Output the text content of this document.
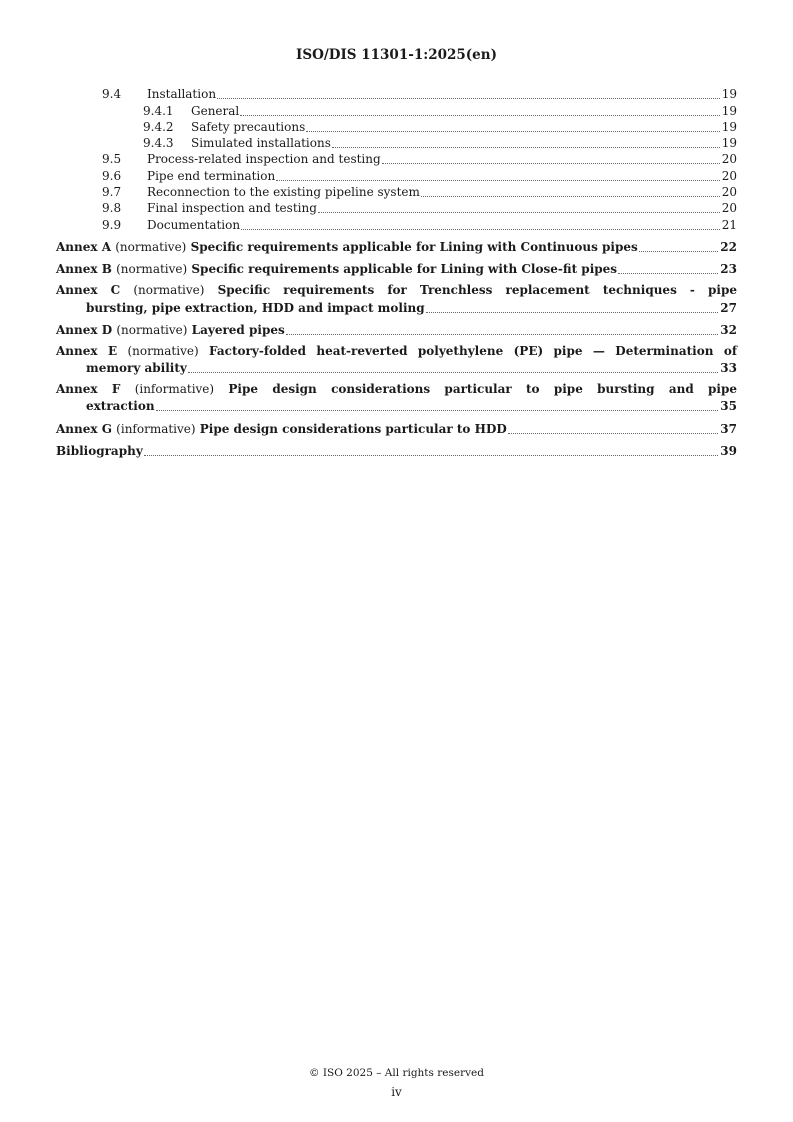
ISO/DIS 11301-1:2025(en)
9.4	Installation	19
9.4.1	General	19
9.4.2	Safety precautions	19
9.4.3	Simulated installations	19
9.5	Process-related inspection and testing	20
9.6	Pipe end termination	20
9.7	Reconnection to the existing pipeline system	20
9.8	Final inspection and testing	20
9.9	Documentation	21
Annex A (normative) Specific requirements applicable for Lining with Continuous pipes	22
Annex B (normative) Specific requirements applicable for Lining with Close-fit pipes	23
Annex C (normative) Specific requirements for Trenchless replacement techniques - pipe
bursting, pipe extraction, HDD and impact moling	27
Annex D (normative) Layered pipes	32
Annex E (normative) Factory-folded heat-reverted polyethylene (PE) pipe — Determination of
memory ability	33
Annex F (informative) Pipe design considerations particular to pipe bursting and pipe
extraction	35
Annex G (informative) Pipe design considerations particular to HDD	37
Bibliography	39
© ISO 2025 – All rights reserved
iv
